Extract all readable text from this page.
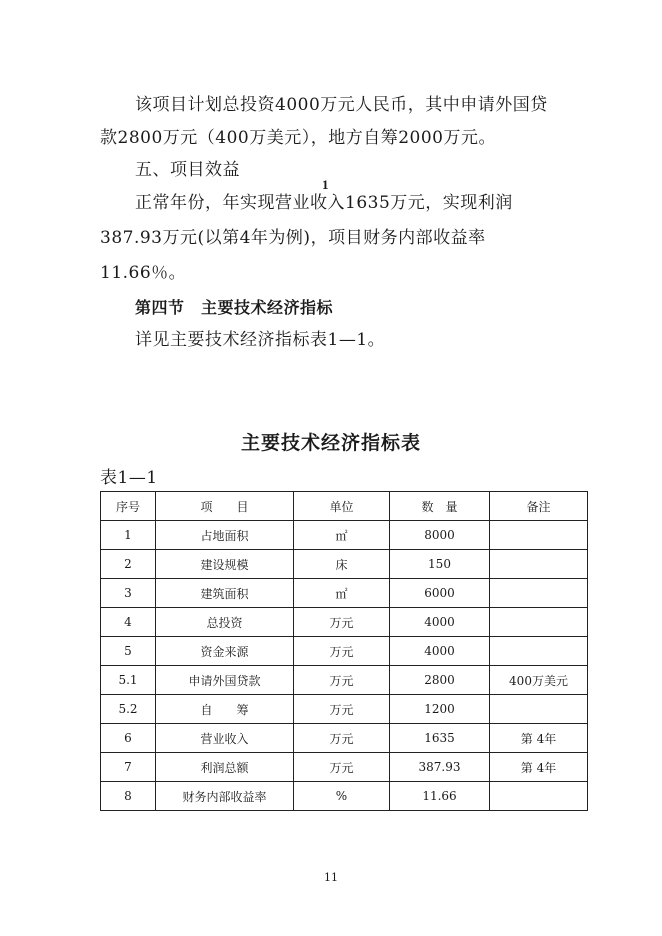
该项目计划总投资4000万元人民币，其中申请外国贷
款2800万元（400万美元），地方自筹2000万元。
五、项目效益
1
正常年份，年实现营业收入1635万元，实现利润
387.93万元(以第4年为例)，项目财务内部收益率
11.66％。
第四节　主要技术经济指标
详见主要技术经济指标表1—1。
主要技术经济指标表
表1—1
序号	项　　目	单位	数　量	备注
1	占地面积	㎡	8000	
2	建设规模	床	150	
3	建筑面积	㎡	6000	
4	总投资	万元	4000	
5	资金来源	万元	4000	
5.1	申请外国贷款	万元	2800	400万美元
5.2	自　　筹	万元	1200	
6	营业收入	万元	1635	第 4年
7	利润总额	万元	387.93	第 4年
8	财务内部收益率	%	11.66	
11
